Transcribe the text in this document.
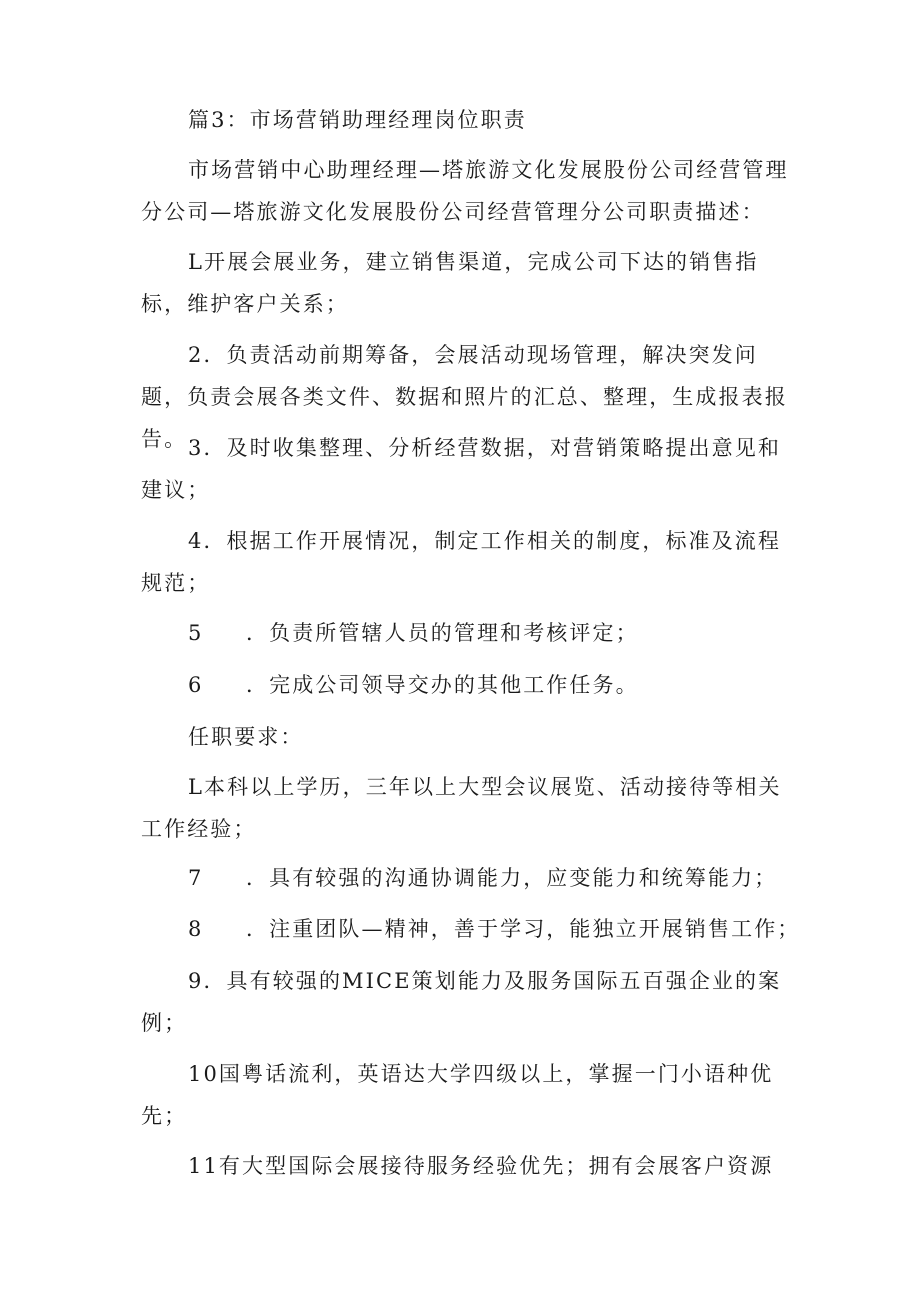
篇3：市场营销助理经理岗位职责

市场营销中心助理经理—塔旅游文化发展股份公司经营管理分公司—塔旅游文化发展股份公司经营管理分公司职责描述：

L开展会展业务，建立销售渠道，完成公司下达的销售指标，维护客户关系；

2．负责活动前期筹备，会展活动现场管理，解决突发问题，负责会展各类文件、数据和照片的汇总、整理，生成报表报告。 3．及时收集整理、分析经营数据，对营销策略提出意见和建议；

4．根据工作开展情况，制定工作相关的制度，标准及流程规范；

5 ．负责所管辖人员的管理和考核评定；

6 ．完成公司领导交办的其他工作任务。

任职要求：

L本科以上学历，三年以上大型会议展览、活动接待等相关工作经验；

7 ．具有较强的沟通协调能力，应变能力和统筹能力；

8 ．注重团队—精神，善于学习，能独立开展销售工作；

9．具有较强的MICE策划能力及服务国际五百强企业的案例；

10国粤话流利，英语达大学四级以上，掌握一门小语种优先；

11有大型国际会展接待服务经验优先；拥有会展客户资源
